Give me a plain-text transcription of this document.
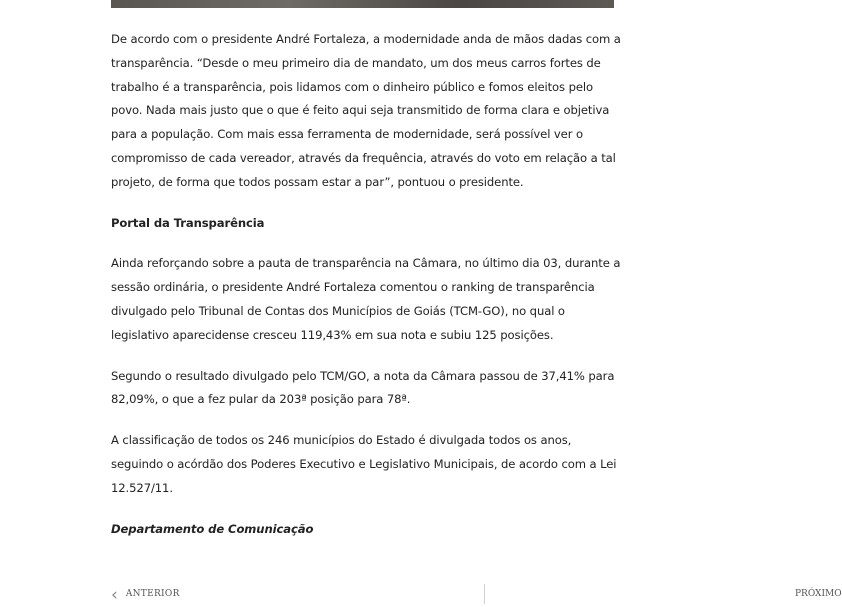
De acordo com o presidente André Fortaleza, a modernidade anda de mãos dadas com a transparência. “Desde o meu primeiro dia de mandato, um dos meus carros fortes de trabalho é a transparência, pois lidamos com o dinheiro público e fomos eleitos pelo povo. Nada mais justo que o que é feito aqui seja transmitido de forma clara e objetiva para a população. Com mais essa ferramenta de modernidade, será possível ver o compromisso de cada vereador, através da frequência, através do voto em relação a tal projeto, de forma que todos possam estar a par”, pontuou o presidente.

Portal da Transparência

Ainda reforçando sobre a pauta de transparência na Câmara, no último dia 03, durante a sessão ordinária, o presidente André Fortaleza comentou o ranking de transparência divulgado pelo Tribunal de Contas dos Municípios de Goiás (TCM-GO), no qual o legislativo aparecidense cresceu 119,43% em sua nota e subiu 125 posições.

Segundo o resultado divulgado pelo TCM/GO, a nota da Câmara passou de 37,41% para 82,09%, o que a fez pular da 203ª posição para 78ª.

A classificação de todos os 246 municípios do Estado é divulgada todos os anos, seguindo o acórdão dos Poderes Executivo e Legislativo Municipais, de acordo com a Lei 12.527/11.

Departamento de Comunicação

‹ ANTERIOR	PRÓXIMO
